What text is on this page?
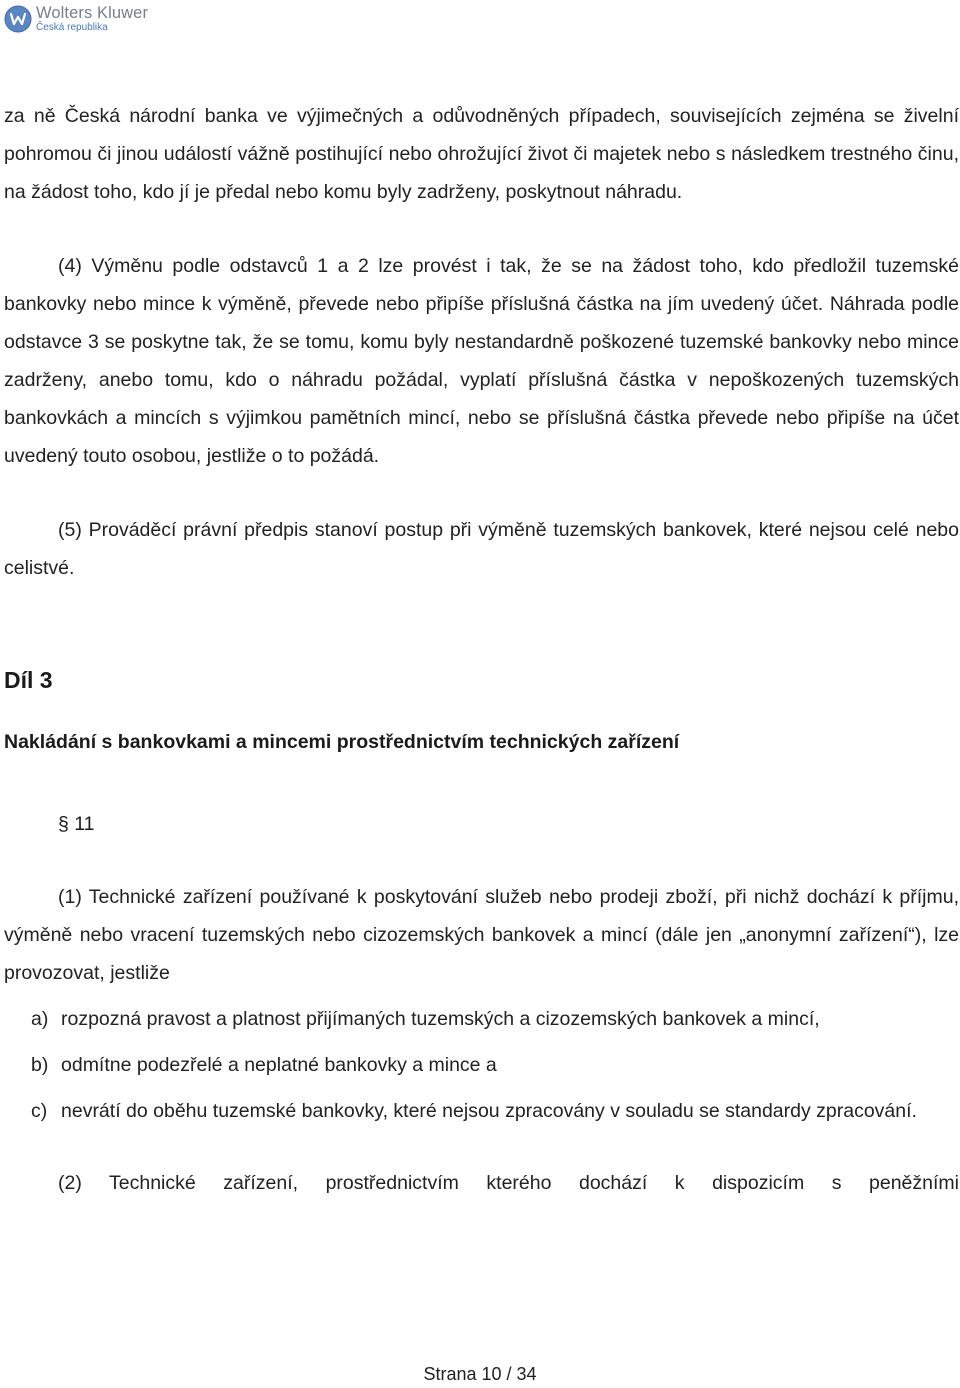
Wolters Kluwer
Česká republika

za ně Česká národní banka ve výjimečných a odůvodněných případech, souvisejících zejména se živelní pohromou či jinou událostí vážně postihující nebo ohrožující život či majetek nebo s následkem trestného činu, na žádost toho, kdo jí je předal nebo komu byly zadrženy, poskytnout náhradu.

(4) Výměnu podle odstavců 1 a 2 lze provést i tak, že se na žádost toho, kdo předložil tuzemské bankovky nebo mince k výměně, převede nebo připíše příslušná částka na jím uvedený účet. Náhrada podle odstavce 3 se poskytne tak, že se tomu, komu byly nestandardně poškozené tuzemské bankovky nebo mince zadrženy, anebo tomu, kdo o náhradu požádal, vyplatí příslušná částka v nepoškozených tuzemských bankovkách a mincích s výjimkou pamětních mincí, nebo se příslušná částka převede nebo připíše na účet uvedený touto osobou, jestliže o to požádá.

(5) Prováděcí právní předpis stanoví postup při výměně tuzemských bankovek, které nejsou celé nebo celistvé.

Díl 3

Nakládání s bankovkami a mincemi prostřednictvím technických zařízení

§ 11

(1) Technické zařízení používané k poskytování služeb nebo prodeji zboží, při nichž dochází k příjmu, výměně nebo vracení tuzemských nebo cizozemských bankovek a mincí (dále jen „anonymní zařízení“), lze provozovat, jestliže

a) rozpozná pravost a platnost přijímaných tuzemských a cizozemských bankovek a mincí,
b) odmítne podezřelé a neplatné bankovky a mince a
c) nevrátí do oběhu tuzemské bankovky, které nejsou zpracovány v souladu se standardy zpracování.

(2) Technické zařízení, prostřednictvím kterého dochází k dispozicím s peněžními

Strana 10 / 34
